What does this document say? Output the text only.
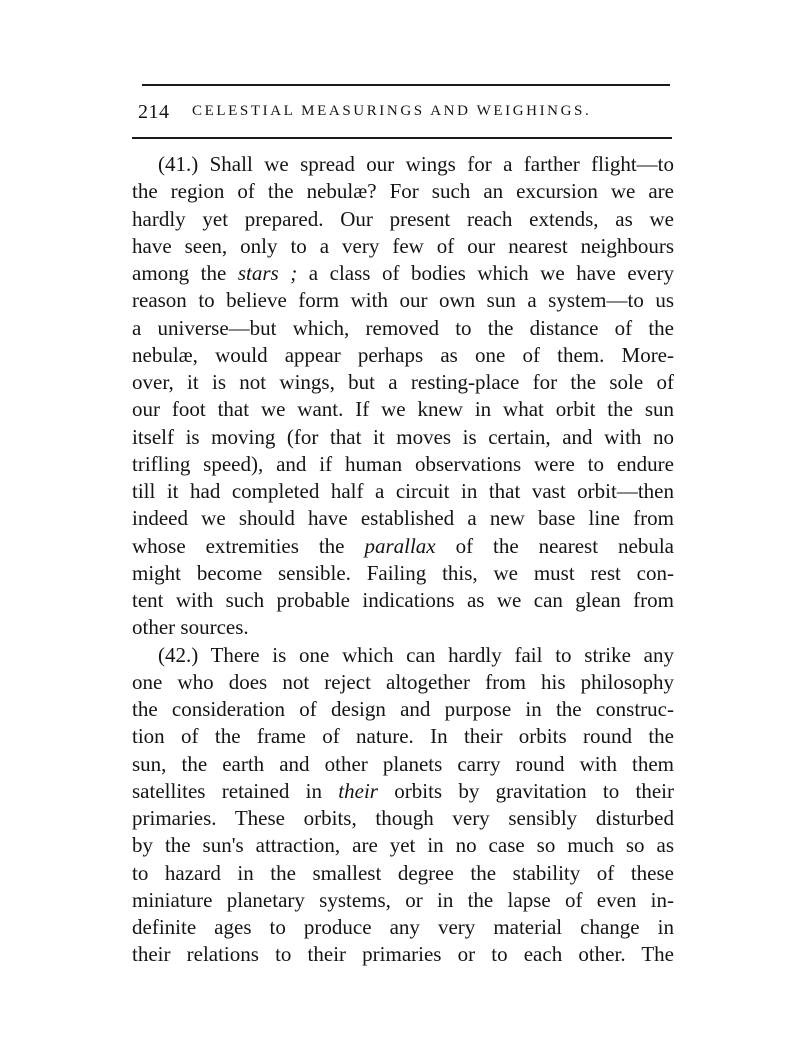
214 CELESTIAL MEASURINGS AND WEIGHINGS.
(41.) Shall we spread our wings for a farther flight—to
the region of the nebulæ? For such an excursion we are
hardly yet prepared. Our present reach extends, as we
have seen, only to a very few of our nearest neighbours
among the stars ; a class of bodies which we have every
reason to believe form with our own sun a system—to us
a universe—but which, removed to the distance of the
nebulæ, would appear perhaps as one of them. More-
over, it is not wings, but a resting-place for the sole of
our foot that we want. If we knew in what orbit the sun
itself is moving (for that it moves is certain, and with no
trifling speed), and if human observations were to endure
till it had completed half a circuit in that vast orbit—then
indeed we should have established a new base line from
whose extremities the parallax of the nearest nebula
might become sensible. Failing this, we must rest con-
tent with such probable indications as we can glean from
other sources.
(42.) There is one which can hardly fail to strike any
one who does not reject altogether from his philosophy
the consideration of design and purpose in the construc-
tion of the frame of nature. In their orbits round the
sun, the earth and other planets carry round with them
satellites retained in their orbits by gravitation to their
primaries. These orbits, though very sensibly disturbed
by the sun's attraction, are yet in no case so much so as
to hazard in the smallest degree the stability of these
miniature planetary systems, or in the lapse of even in-
definite ages to produce any very material change in
their relations to their primaries or to each other. The
